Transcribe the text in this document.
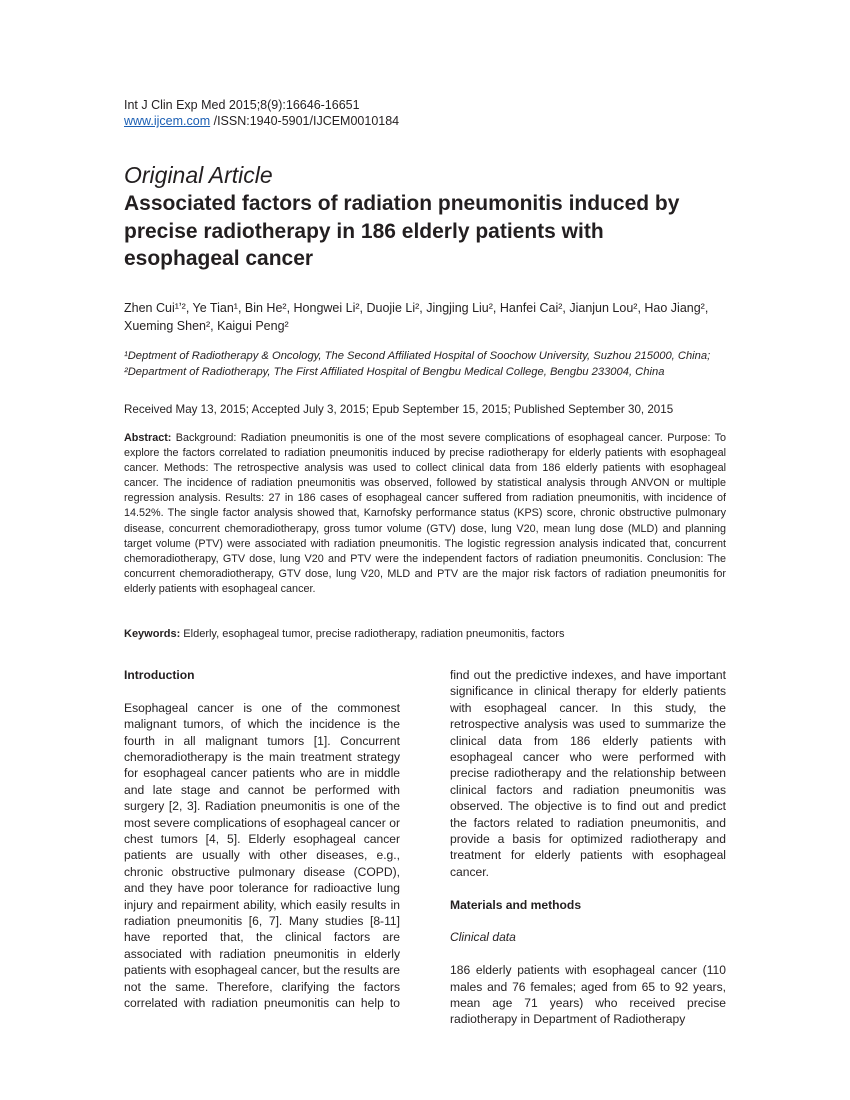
Int J Clin Exp Med 2015;8(9):16646-16651
www.ijcem.com /ISSN:1940-5901/IJCEM0010184
Original Article
Associated factors of radiation pneumonitis induced by precise radiotherapy in 186 elderly patients with esophageal cancer
Zhen Cui¹ʼ², Ye Tian¹, Bin He², Hongwei Li², Duojie Li², Jingjing Liu², Hanfei Cai², Jianjun Lou², Hao Jiang², Xueming Shen², Kaigui Peng²
¹Deptment of Radiotherapy & Oncology, The Second Affiliated Hospital of Soochow University, Suzhou 215000, China; ²Department of Radiotherapy, The First Affiliated Hospital of Bengbu Medical College, Bengbu 233004, China
Received May 13, 2015; Accepted July 3, 2015; Epub September 15, 2015; Published September 30, 2015

Abstract: Background: Radiation pneumonitis is one of the most severe complications of esophageal cancer. Purpose: To explore the factors correlated to radiation pneumonitis induced by precise radiotherapy for elderly patients with esophageal cancer. Methods: The retrospective analysis was used to collect clinical data from 186 elderly patients with esophageal cancer. The incidence of radiation pneumonitis was observed, followed by statistical analysis through ANVON or multiple regression analysis. Results: 27 in 186 cases of esophageal cancer suffered from radiation pneumonitis, with incidence of 14.52%. The single factor analysis showed that, Karnofsky performance status (KPS) score, chronic obstructive pulmonary disease, concurrent chemoradiotherapy, gross tumor volume (GTV) dose, lung V20, mean lung dose (MLD) and planning target volume (PTV) were associated with radiation pneumonitis. The logistic regression analysis indicated that, concurrent chemoradiotherapy, GTV dose, lung V20 and PTV were the independent factors of radiation pneumonitis. Conclusion: The concurrent chemoradiotherapy, GTV dose, lung V20, MLD and PTV are the major risk factors of radiation pneumonitis for elderly patients with esophageal cancer.

Keywords: Elderly, esophageal tumor, precise radiotherapy, radiation pneumonitis, factors

Introduction

Esophageal cancer is one of the commonest malignant tumors, of which the incidence is the fourth in all malignant tumors [1]. Concurrent chemoradiotherapy is the main treatment strategy for esophageal cancer patients who are in middle and late stage and cannot be performed with surgery [2, 3]. Radiation pneumonitis is one of the most severe complications of esophageal cancer or chest tumors [4, 5]. Elderly esophageal cancer patients are usually with other diseases, e.g., chronic obstructive pulmonary disease (COPD), and they have poor tolerance for radioactive lung injury and repairment ability, which easily results in radiation pneumonitis [6, 7]. Many studies [8-11] have reported that, the clinical factors are associated with radiation pneumonitis in elderly patients with esophageal cancer, but the results are not the same. Therefore, clarifying the factors correlated with radiation pneumonitis can help to

find out the predictive indexes, and have important significance in clinical therapy for elderly patients with esophageal cancer. In this study, the retrospective analysis was used to summarize the clinical data from 186 elderly patients with esophageal cancer who were performed with precise radiotherapy and the relationship between clinical factors and radiation pneumonitis was observed. The objective is to find out and predict the factors related to radiation pneumonitis, and provide a basis for optimized radiotherapy and treatment for elderly patients with esophageal cancer.

Materials and methods
Clinical data

186 elderly patients with esophageal cancer (110 males and 76 females; aged from 65 to 92 years, mean age 71 years) who received precise radiotherapy in Department of Radiotherapy
